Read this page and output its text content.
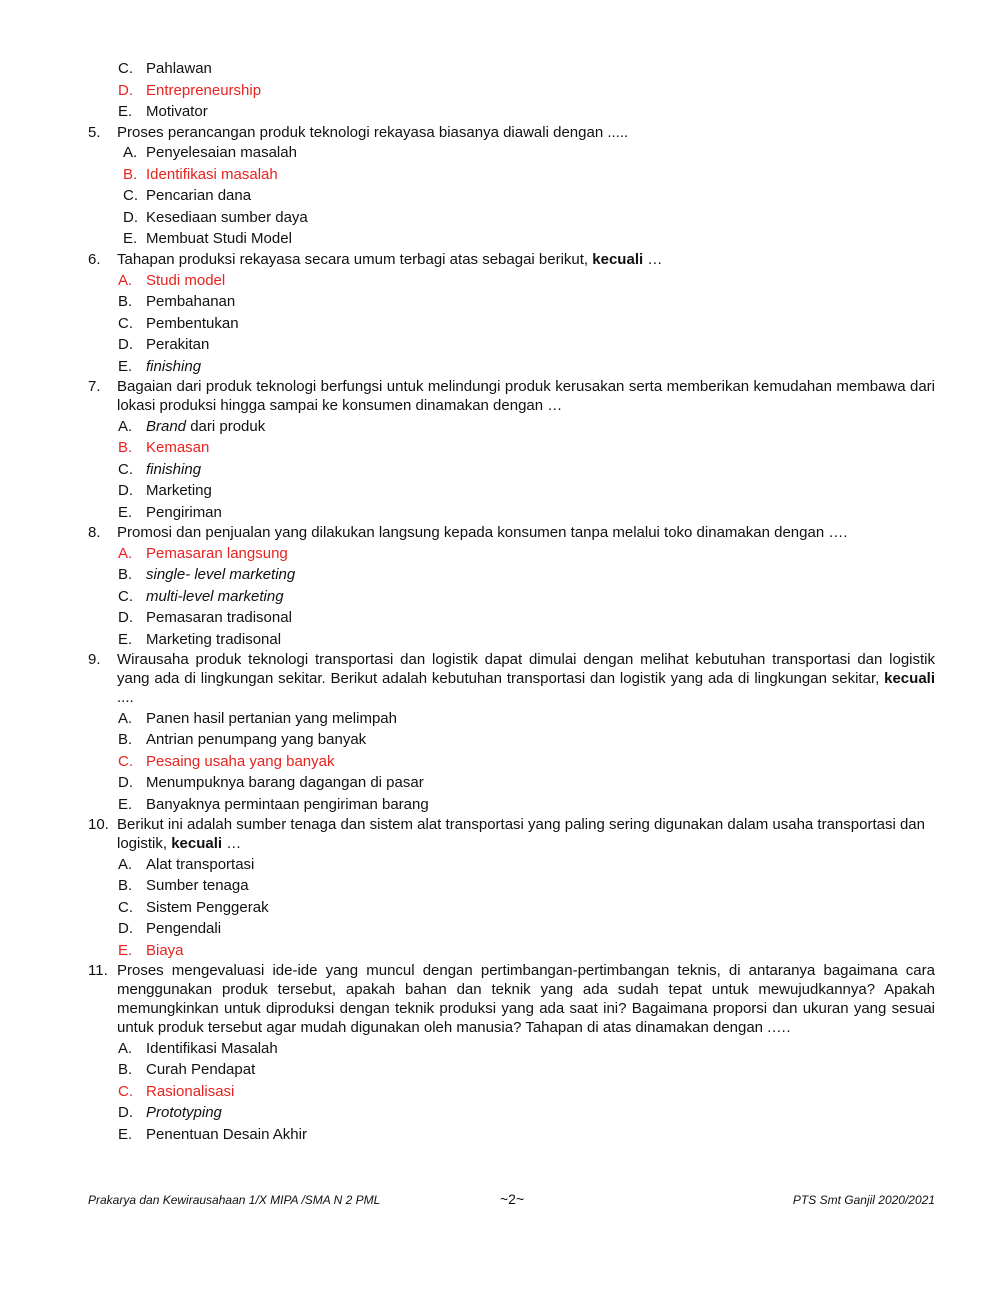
C. Pahlawan
D. Entrepreneurship
E. Motivator
5.	Proses perancangan produk teknologi rekayasa biasanya diawali dengan .....
A. Penyelesaian masalah
B. Identifikasi masalah
C. Pencarian dana
D. Kesediaan sumber daya
E. Membuat Studi Model
6.	Tahapan produksi rekayasa secara umum terbagi atas sebagai berikut, kecuali …
A. Studi model
B. Pembahanan
C. Pembentukan
D. Perakitan
E. finishing
7.	Bagaian dari produk teknologi berfungsi untuk melindungi produk kerusakan serta memberikan kemudahan membawa dari lokasi produksi hingga sampai ke konsumen dinamakan dengan …
A. Brand dari produk
B. Kemasan
C. finishing
D. Marketing
E. Pengiriman
8.	Promosi dan penjualan yang dilakukan langsung kepada konsumen tanpa melalui toko dinamakan dengan ….
A. Pemasaran langsung
B. single- level marketing
C. multi-level marketing
D. Pemasaran tradisonal
E. Marketing tradisonal
9.	Wirausaha produk teknologi transportasi dan logistik dapat dimulai dengan melihat kebutuhan transportasi dan logistik yang ada di lingkungan sekitar. Berikut adalah kebutuhan transportasi dan logistik yang ada di lingkungan sekitar, kecuali ....
A. Panen hasil pertanian yang melimpah
B. Antrian penumpang yang banyak
C. Pesaing usaha yang banyak
D. Menumpuknya barang dagangan di pasar
E. Banyaknya permintaan pengiriman barang
10. Berikut ini adalah sumber tenaga dan sistem alat transportasi yang paling sering digunakan dalam usaha transportasi dan logistik, kecuali …
A. Alat transportasi
B. Sumber tenaga
C. Sistem Penggerak
D. Pengendali
E. Biaya
11. Proses mengevaluasi ide-ide yang muncul dengan pertimbangan-pertimbangan teknis, di antaranya bagaimana cara menggunakan produk tersebut, apakah bahan dan teknik yang ada sudah tepat untuk mewujudkannya? Apakah memungkinkan untuk diproduksi dengan teknik produksi yang ada saat ini? Bagaimana proporsi dan ukuran yang sesuai untuk produk tersebut agar mudah digunakan oleh manusia? Tahapan di atas dinamakan dengan .….
A. Identifikasi Masalah
B. Curah Pendapat
C. Rasionalisasi
D. Prototyping
E. Penentuan Desain Akhir
Prakarya dan Kewirausahaan 1/X MIPA /SMA N 2 PML	~2~	PTS Smt Ganjil 2020/2021
